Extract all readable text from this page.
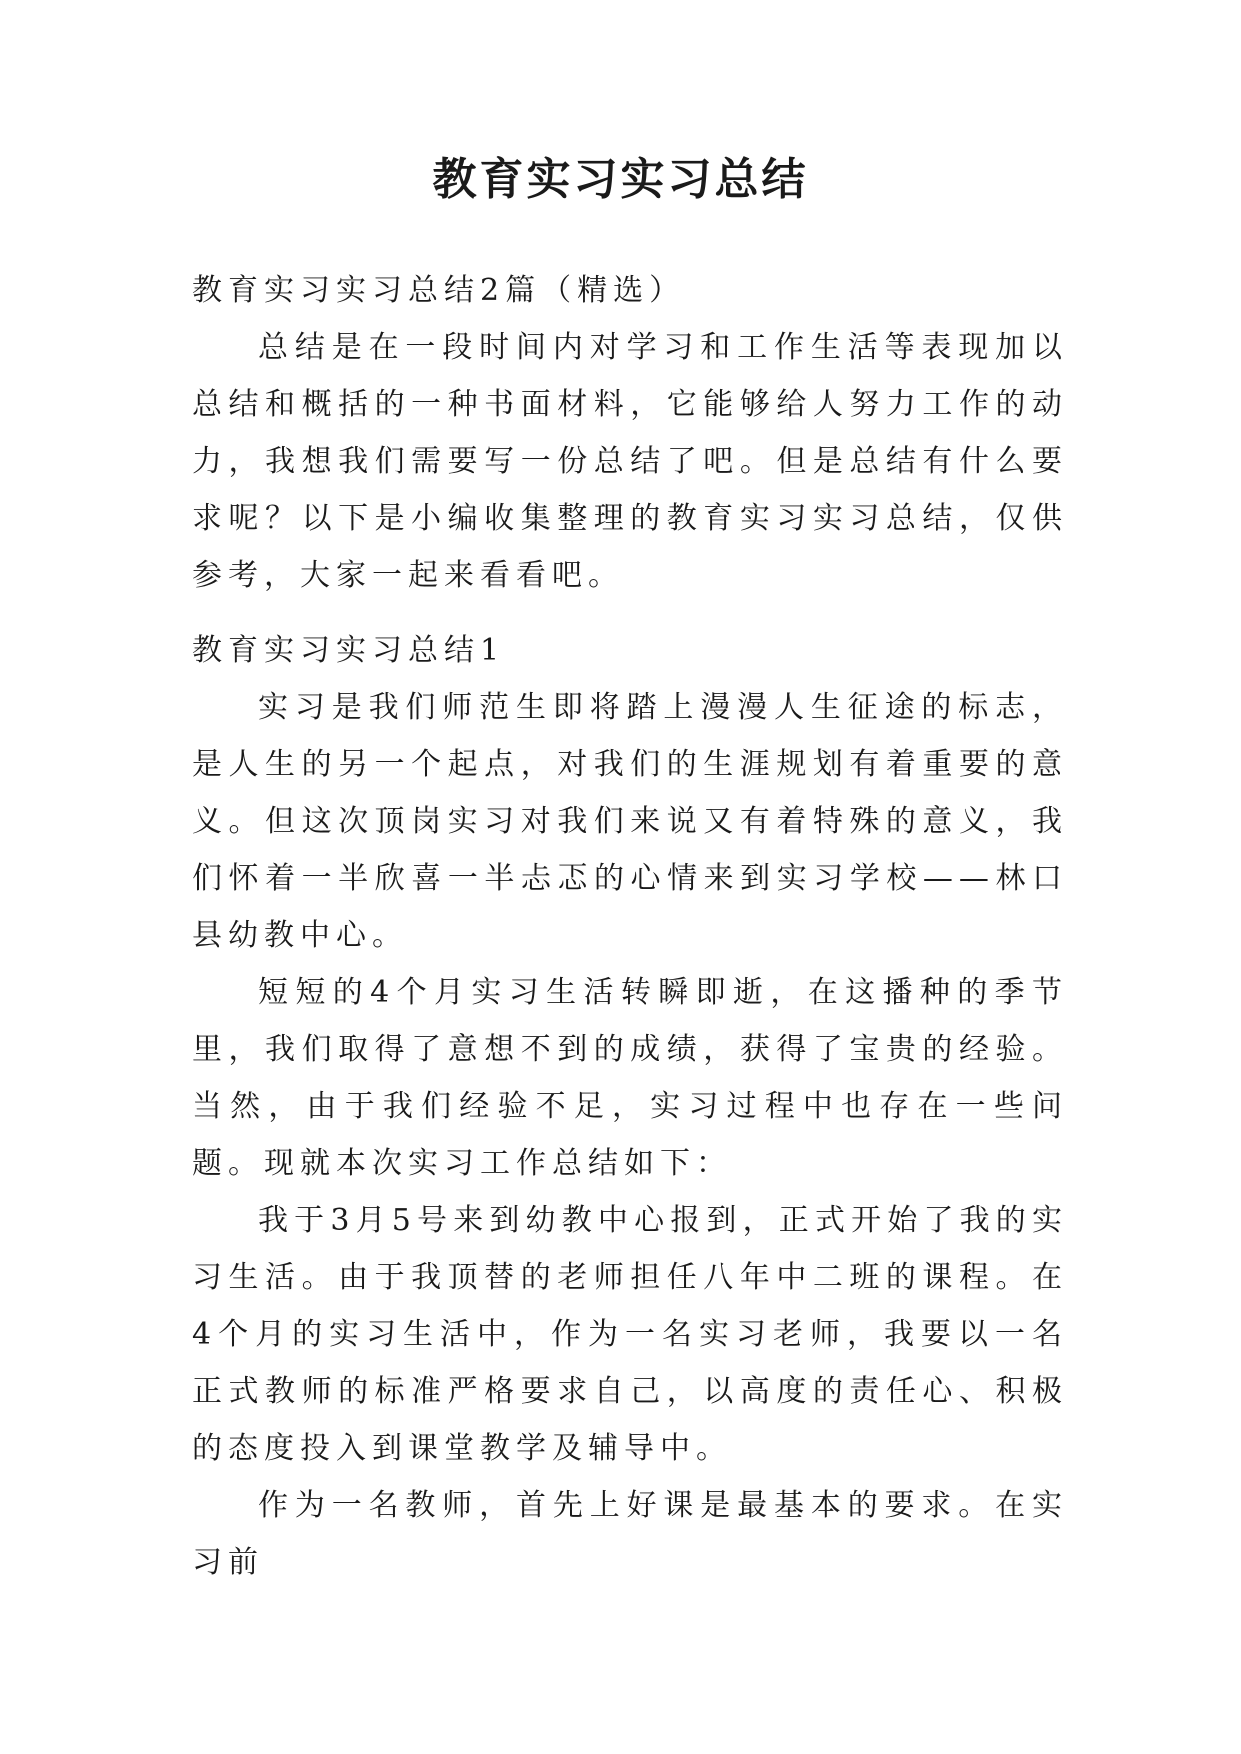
教育实习实习总结

教育实习实习总结2篇（精选）

总结是在一段时间内对学习和工作生活等表现加以总结和概括的一种书面材料，它能够给人努力工作的动力，我想我们需要写一份总结了吧。但是总结有什么要求呢？以下是小编收集整理的教育实习实习总结，仅供参考，大家一起来看看吧。

教育实习实习总结1

实习是我们师范生即将踏上漫漫人生征途的标志，是人生的另一个起点，对我们的生涯规划有着重要的意义。但这次顶岗实习对我们来说又有着特殊的意义，我们怀着一半欣喜一半忐忑的心情来到实习学校——林口县幼教中心。

短短的4个月实习生活转瞬即逝，在这播种的季节里，我们取得了意想不到的成绩，获得了宝贵的经验。当然，由于我们经验不足，实习过程中也存在一些问题。现就本次实习工作总结如下：

我于3月5号来到幼教中心报到，正式开始了我的实习生活。由于我顶替的老师担任八年中二班的课程。在4个月的实习生活中，作为一名实习老师，我要以一名正式教师的标准严格要求自己，以高度的责任心、积极的态度投入到课堂教学及辅导中。

作为一名教师，首先上好课是最基本的要求。在实习前
